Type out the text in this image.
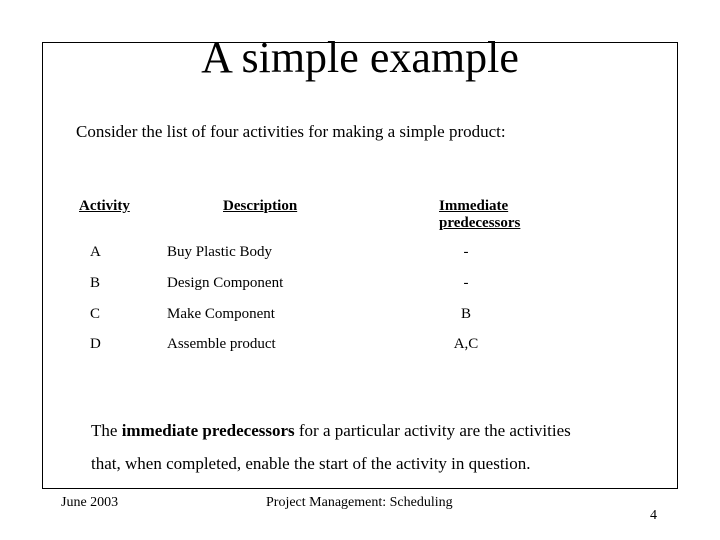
A simple example
Consider the list of four activities for making a simple product:
Activity	Description	Immediate
predecessors
A	Buy Plastic Body	-
B	Design Component	-
C	Make Component	B
D	Assemble product	A,C
The immediate predecessors for a particular activity are the activities
that, when completed, enable the start of the activity in question.
June 2003	Project Management: Scheduling
4
